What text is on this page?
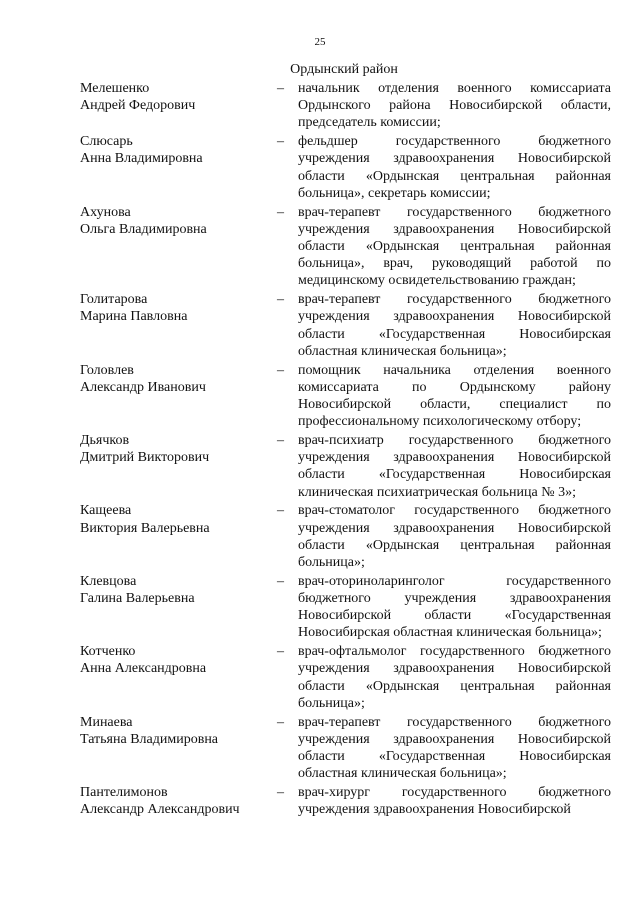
25
Ордынский район
Мелешенко
Андрей Федорович
– начальник отделения военного комиссариата Ордынского района Новосибирской области, председатель комиссии;
Слюсарь
Анна Владимировна
– фельдшер государственного бюджетного учреждения здравоохранения Новосибирской области «Ордынская центральная районная больница», секретарь комиссии;
Ахунова
Ольга Владимировна
– врач-терапевт государственного бюджетного учреждения здравоохранения Новосибирской области «Ордынская центральная районная больница», врач, руководящий работой по медицинскому освидетельствованию граждан;
Голитарова
Марина Павловна
– врач-терапевт государственного бюджетного учреждения здравоохранения Новосибирской области «Государственная Новосибирская областная клиническая больница»;
Головлев
Александр Иванович
– помощник начальника отделения военного комиссариата по Ордынскому району Новосибирской области, специалист по профессиональному психологическому отбору;
Дьячков
Дмитрий Викторович
– врач-психиатр государственного бюджетного учреждения здравоохранения Новосибирской области «Государственная Новосибирская клиническая психиатрическая больница № 3»;
Кащеева
Виктория Валерьевна
– врач-стоматолог государственного бюджетного учреждения здравоохранения Новосибирской области «Ордынская центральная районная больница»;
Клевцова
Галина Валерьевна
– врач-оториноларинголог государственного бюджетного учреждения здравоохранения Новосибирской области «Государственная Новосибирская областная клиническая больница»;
Котченко
Анна Александровна
– врач-офтальмолог государственного бюджетного учреждения здравоохранения Новосибирской области «Ордынская центральная районная больница»;
Минаева
Татьяна Владимировна
– врач-терапевт государственного бюджетного учреждения здравоохранения Новосибирской области «Государственная Новосибирская областная клиническая больница»;
Пантелимонов
Александр Александрович
– врач-хирург государственного бюджетного учреждения здравоохранения Новосибирской
